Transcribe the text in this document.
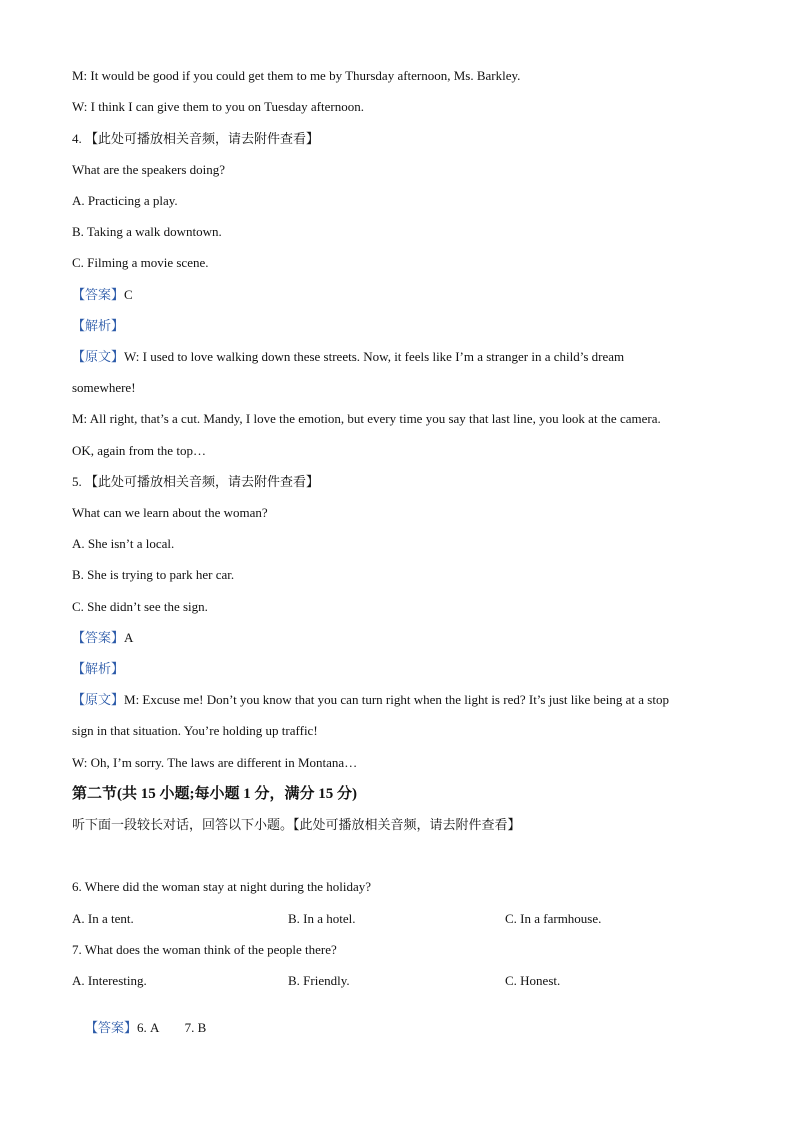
M: It would be good if you could get them to me by Thursday afternoon, Ms. Barkley.
W: I think I can give them to you on Tuesday afternoon.
4. 【此处可播放相关音频，请去附件查看】
What are the speakers doing?
A. Practicing a play.
B. Taking a walk downtown.
C. Filming a movie scene.
【答案】C
【解析】
【原文】W: I used to love walking down these streets. Now, it feels like I’m a stranger in a child’s dream
somewhere!
M: All right, that’s a cut. Mandy, I love the emotion, but every time you say that last line, you look at the camera.
OK, again from the top…
5. 【此处可播放相关音频，请去附件查看】
What can we learn about the woman?
A. She isn’t a local.
B. She is trying to park her car.
C. She didn’t see the sign.
【答案】A
【解析】
【原文】M: Excuse me! Don’t you know that you can turn right when the light is red? It’s just like being at a stop
sign in that situation. You’re holding up traffic!
W: Oh, I’m sorry. The laws are different in Montana…
第二节(共 15 小题;每小题 1 分，满分 15 分)
听下面一段较长对话，回答以下小题。【此处可播放相关音频，请去附件查看】
6. Where did the woman stay at night during the holiday?
A. In a tent.	B. In a hotel.	C. In a farmhouse.
7. What does the woman think of the people there?
A. Interesting.	B. Friendly.	C. Honest.

【答案】6. A        7. B
